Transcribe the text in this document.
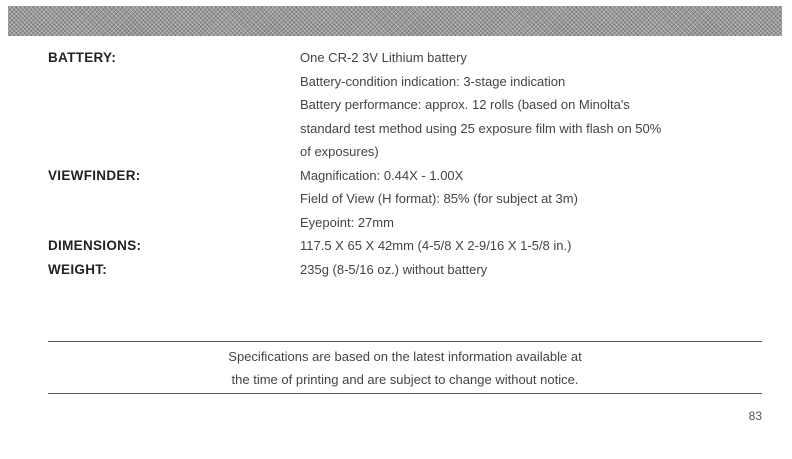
BATTERY:	One CR-2 3V Lithium battery
Battery-condition indication: 3-stage indication
Battery performance: approx. 12 rolls (based on Minolta's
standard test method using 25 exposure film with flash on 50%
of exposures)
VIEWFINDER:	Magnification: 0.44X - 1.00X
Field of View (H format): 85% (for subject at 3m)
Eyepoint: 27mm
DIMENSIONS:	117.5 X 65 X 42mm (4-5/8 X 2-9/16 X 1-5/8 in.)
WEIGHT:	235g (8-5/16 oz.) without battery
Specifications are based on the latest information available at
the time of printing and are subject to change without notice.
83
